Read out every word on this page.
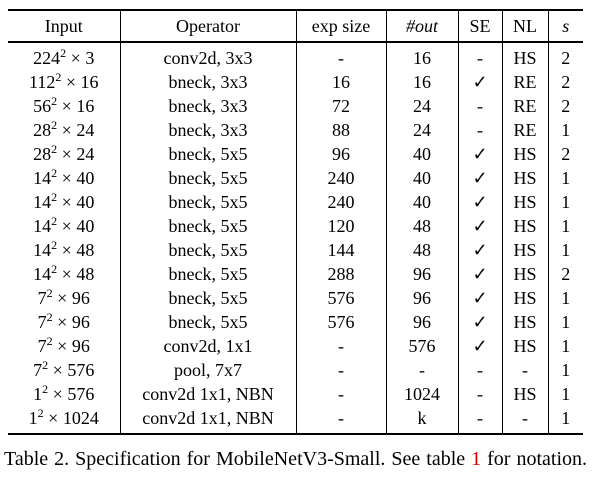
Input	Operator	exp size	#out	SE	NL	s
$224^2 \times 3$	conv2d, 3x3	-	16	-	HS	2
$112^2 \times 16$	bneck, 3x3	16	16	✓	RE	2
$56^2 \times 16$	bneck, 3x3	72	24	-	RE	2
$28^2 \times 24$	bneck, 3x3	88	24	-	RE	1
$28^2 \times 24$	bneck, 5x5	96	40	✓	HS	2
$14^2 \times 40$	bneck, 5x5	240	40	✓	HS	1
$14^2 \times 40$	bneck, 5x5	240	40	✓	HS	1
$14^2 \times 40$	bneck, 5x5	120	48	✓	HS	1
$14^2 \times 48$	bneck, 5x5	144	48	✓	HS	1
$14^2 \times 48$	bneck, 5x5	288	96	✓	HS	2
$7^2 \times 96$	bneck, 5x5	576	96	✓	HS	1
$7^2 \times 96$	bneck, 5x5	576	96	✓	HS	1
$7^2 \times 96$	conv2d, 1x1	-	576	✓	HS	1
$7^2 \times 576$	pool, 7x7	-	-	-	-	1
$1^2 \times 576$	conv2d 1x1, NBN	-	1024	-	HS	1
$1^2 \times 1024$	conv2d 1x1, NBN	-	k	-	-	1
Table 2. Specification for MobileNetV3-Small. See table 1 for notation.
